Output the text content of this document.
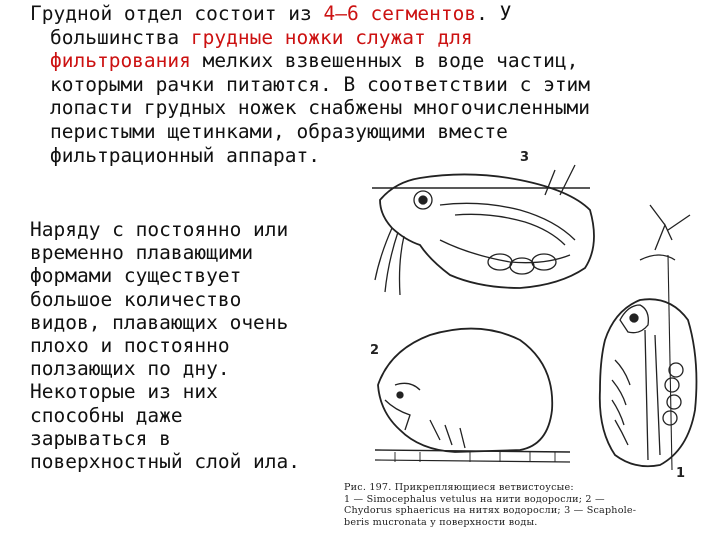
Грудной отдел состоит из 4—6 сегментов. У
большинства грудные ножки служат для
фильтрования мелких взвешенных в воде частиц,
которыми рачки питаются. В соответствии с этим
лопасти грудных ножек снабжены многочисленными
перистыми щетинками, образующими вместе
фильтрационный аппарат.
Наряду с постоянно или
временно плавающими
формами существует
большое количество
видов, плавающих очень
плохо и постоянно
ползающих по дну.
Некоторые из них
способны даже
зарываться в
поверхностный слой ила.
3
2
1
Рис. 197. Прикрепляющиеся ветвистоусые:
1 — Simocephalus vetulus на нити водоросли; 2 —
Chydorus sphaericus на нитях водоросли; 3 — Scaphole-
beris mucronata у поверхности воды.
